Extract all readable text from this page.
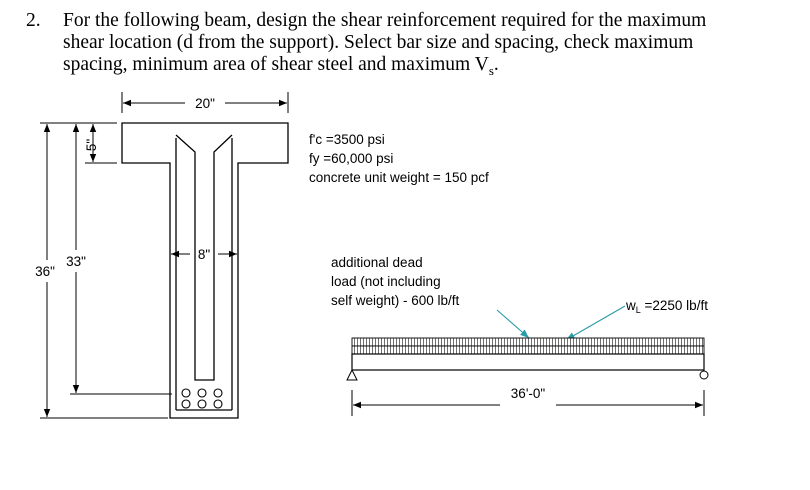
2. For the following beam, design the shear reinforcement required for the maximum
shear location (d from the support). Select bar size and spacing, check maximum
spacing, minimum area of shear steel and maximum $V_s$.
20"
5"
8"
33"
36"
f'c =3500 psi
fy =60,000 psi
concrete unit weight = 150 pcf
additional dead
load (not including
self weight) - 600 lb/ft	$w_L =2250$ lb/ft
36'-0"
